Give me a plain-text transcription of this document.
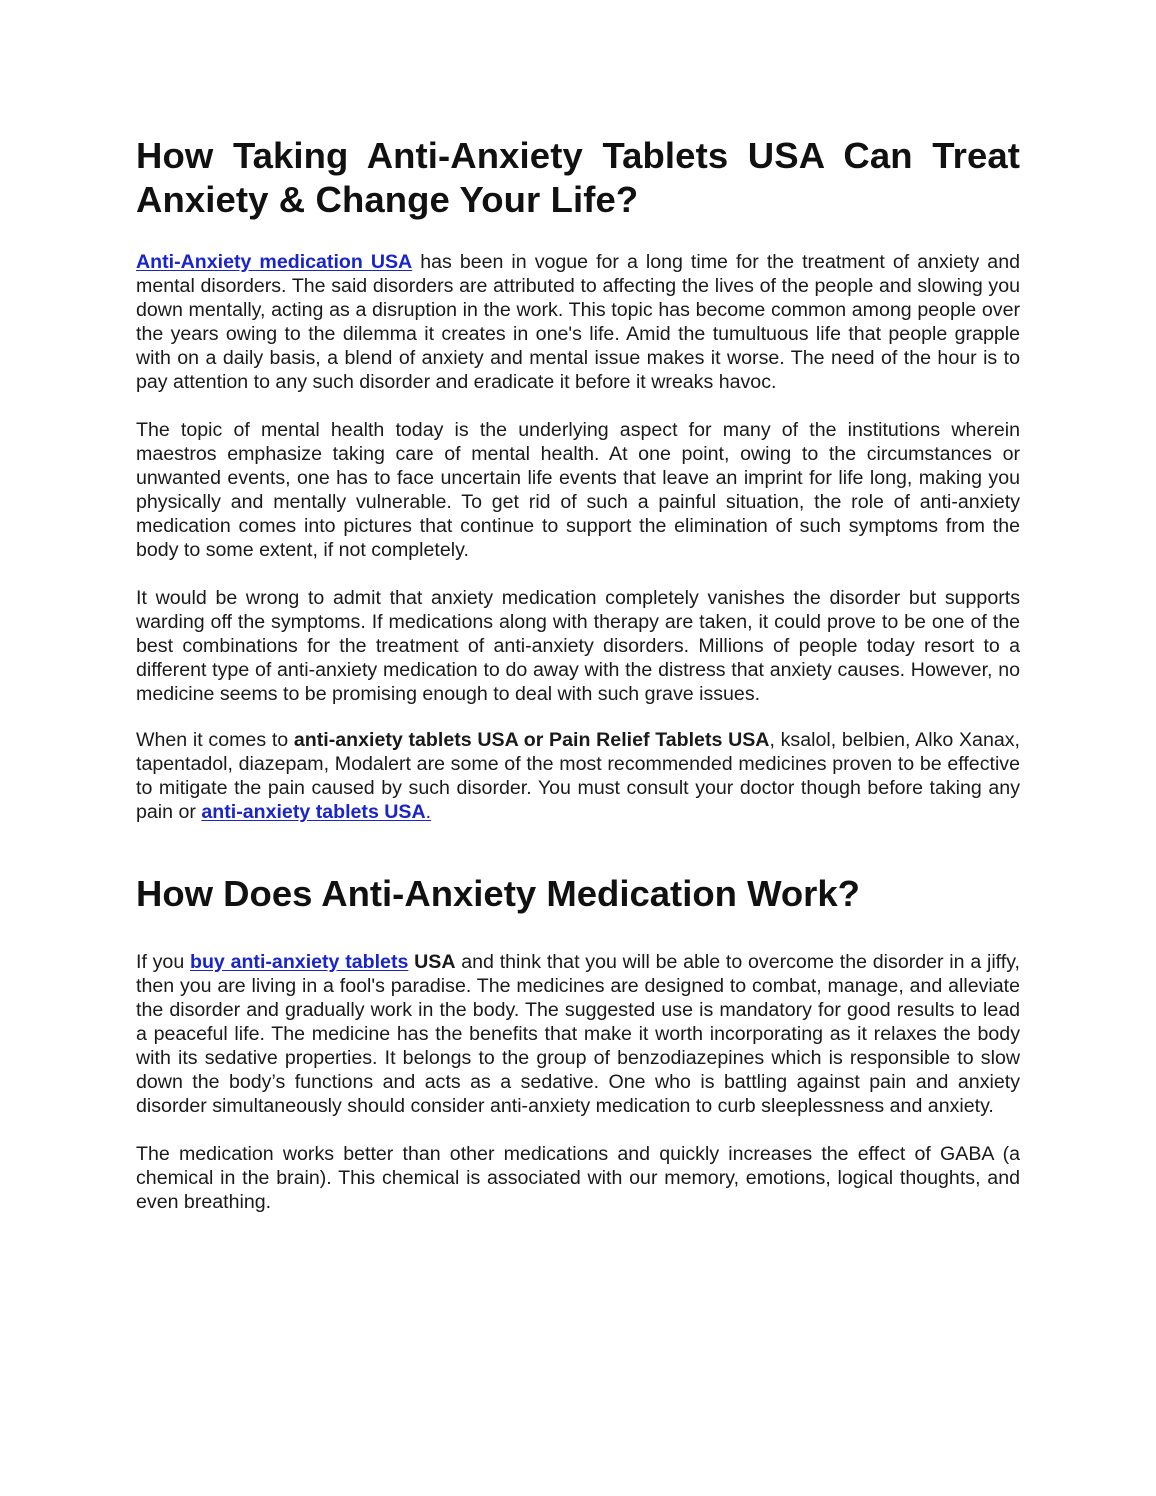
How Taking Anti-Anxiety Tablets USA Can Treat Anxiety & Change Your Life?

Anti-Anxiety medication USA has been in vogue for a long time for the treatment of anxiety and mental disorders. The said disorders are attributed to affecting the lives of the people and slowing you down mentally, acting as a disruption in the work. This topic has become common among people over the years owing to the dilemma it creates in one's life. Amid the tumultuous life that people grapple with on a daily basis, a blend of anxiety and mental issue makes it worse. The need of the hour is to pay attention to any such disorder and eradicate it before it wreaks havoc.

The topic of mental health today is the underlying aspect for many of the institutions wherein maestros emphasize taking care of mental health. At one point, owing to the circumstances or unwanted events, one has to face uncertain life events that leave an imprint for life long, making you physically and mentally vulnerable. To get rid of such a painful situation, the role of anti-anxiety medication comes into pictures that continue to support the elimination of such symptoms from the body to some extent, if not completely.

It would be wrong to admit that anxiety medication completely vanishes the disorder but supports warding off the symptoms. If medications along with therapy are taken, it could prove to be one of the best combinations for the treatment of anti-anxiety disorders. Millions of people today resort to a different type of anti-anxiety medication to do away with the distress that anxiety causes. However, no medicine seems to be promising enough to deal with such grave issues.

When it comes to anti-anxiety tablets USA or Pain Relief Tablets USA, ksalol, belbien, Alko Xanax, tapentadol, diazepam, Modalert are some of the most recommended medicines proven to be effective to mitigate the pain caused by such disorder. You must consult your doctor though before taking any pain or anti-anxiety tablets USA.

How Does Anti-Anxiety Medication Work?

If you buy anti-anxiety tablets USA and think that you will be able to overcome the disorder in a jiffy, then you are living in a fool's paradise. The medicines are designed to combat, manage, and alleviate the disorder and gradually work in the body. The suggested use is mandatory for good results to lead a peaceful life. The medicine has the benefits that make it worth incorporating as it relaxes the body with its sedative properties. It belongs to the group of benzodiazepines which is responsible to slow down the body’s functions and acts as a sedative. One who is battling against pain and anxiety disorder simultaneously should consider anti-anxiety medication to curb sleeplessness and anxiety.

The medication works better than other medications and quickly increases the effect of GABA (a  chemical in the brain). This chemical is associated with our memory, emotions, logical thoughts, and even breathing.
